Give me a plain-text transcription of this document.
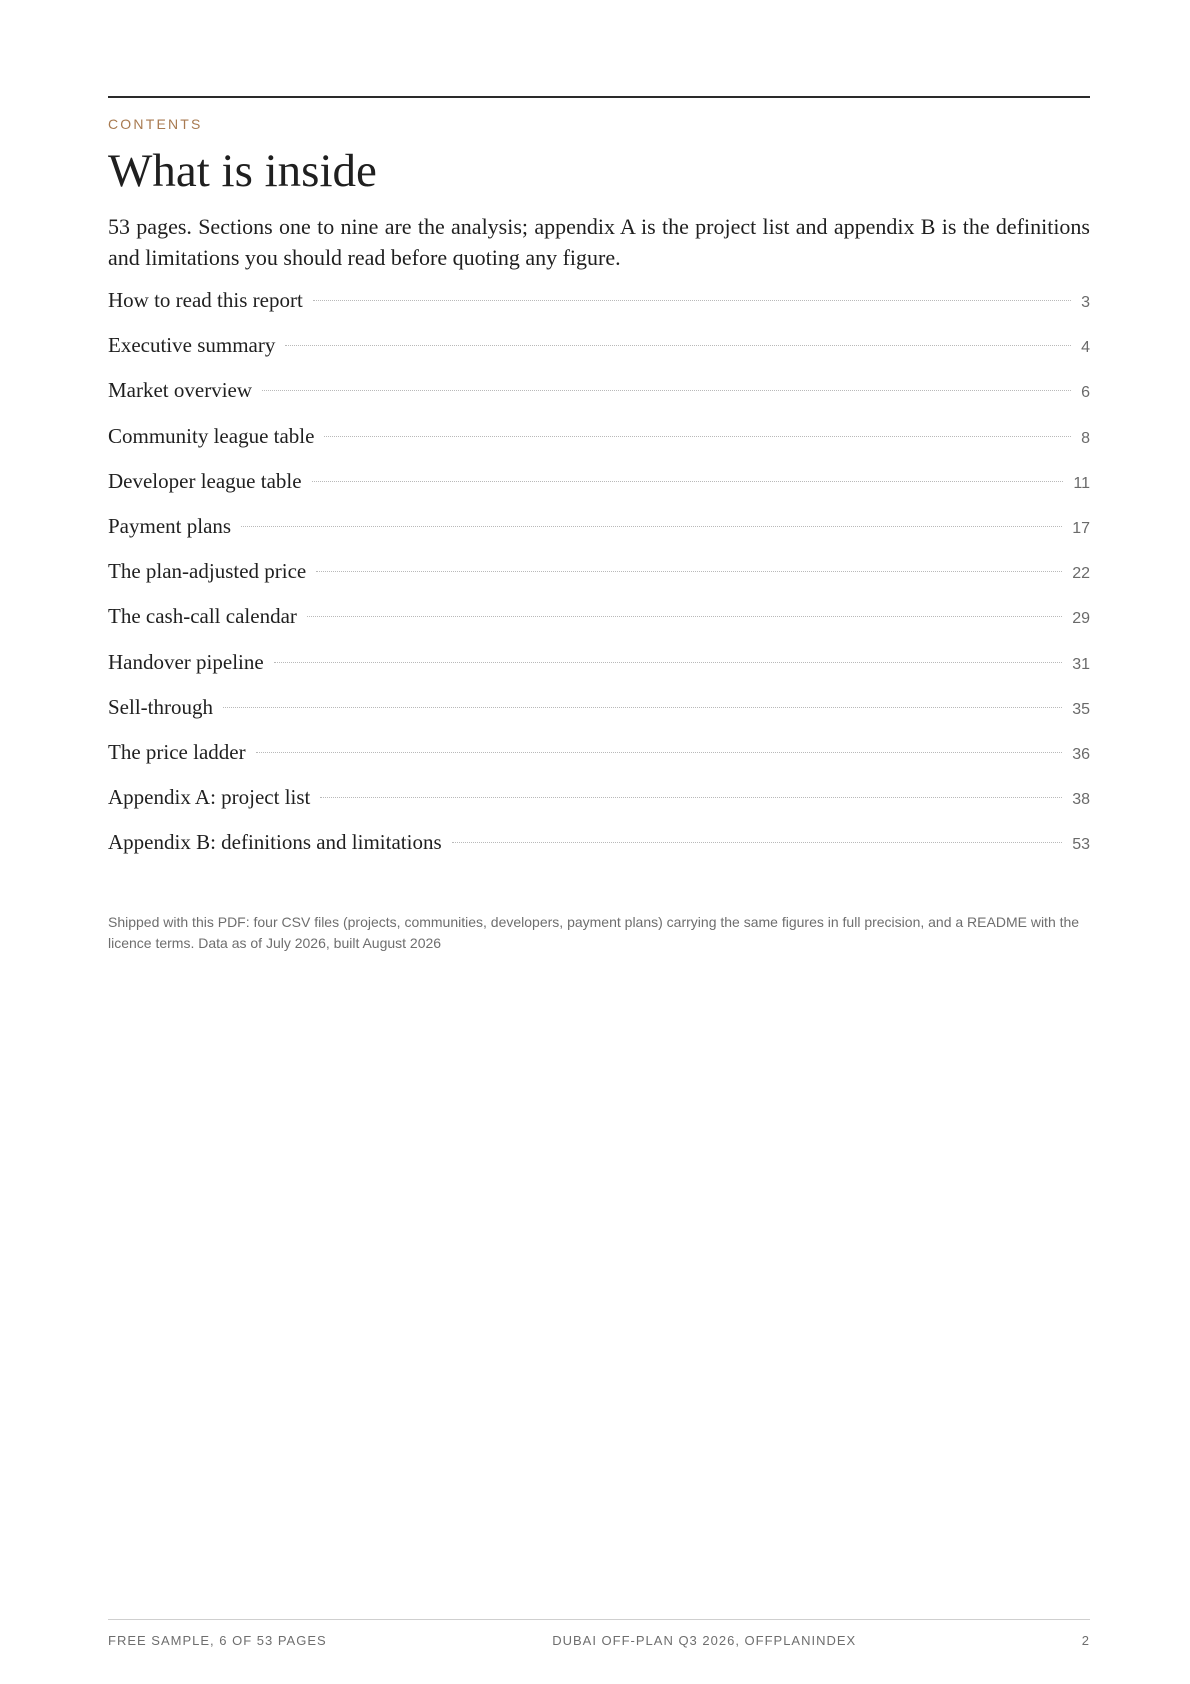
CONTENTS
What is inside

53 pages. Sections one to nine are the analysis; appendix A is the project list and appendix B is the definitions and limitations you should read before quoting any figure.

How to read this report	3
Executive summary	4
Market overview	6
Community league table	8
Developer league table	11
Payment plans	17
The plan-adjusted price	22
The cash-call calendar	29
Handover pipeline	31
Sell-through	35
The price ladder	36
Appendix A: project list	38
Appendix B: definitions and limitations	53

Shipped with this PDF: four CSV files (projects, communities, developers, payment plans) carrying the same figures in full precision, and a README with the licence terms. Data as of July 2026, built August 2026

FREE SAMPLE, 6 OF 53 PAGES	DUBAI OFF-PLAN Q3 2026, OFFPLANINDEX	2
